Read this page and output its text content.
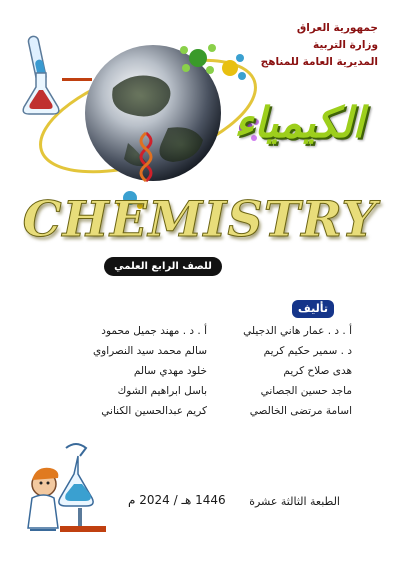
جمهورية العراق
وزارة التربية
المديرية العامة للمناهج
الكيمياء
CHEMISTRY
للصف الرابع العلمي
تأليف
أ . د . عمار هاني الدجيلي
أ . د . مهند جميل محمود
د . سمير حكيم كريم
سالم محمد سيد النصراوي
هدى صلاح كريم
خلود مهدي سالم
ماجد حسين الجصاني
باسل ابراهيم الشوك
اسامة مرتضى الخالصي
كريم عبدالحسين الكناني
1446 هـ / 2024 م الطبعة الثالثة عشرة
